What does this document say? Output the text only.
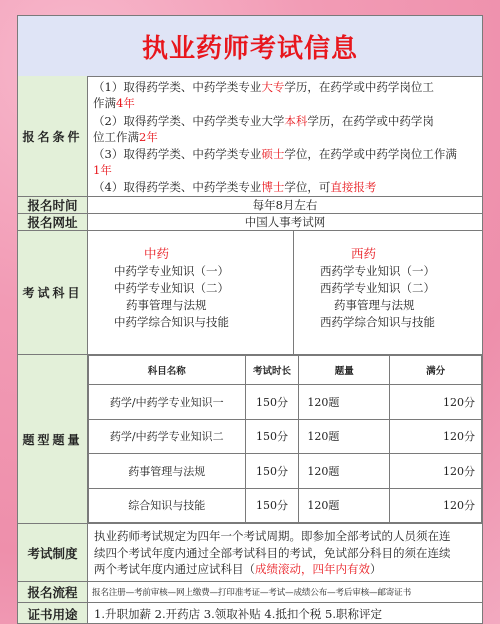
执业药师考试信息
报名条件
（1）取得药学类、中药学类专业大专学历，在药学或中药学岗位工
作满4年
（2）取得药学类、中药学类专业大学本科学历，在药学或中药学岗
位工作满2年
（3）取得药学类、中药学类专业硕士学位，在药学或中药学岗位工作满
1年
（4）取得药学类、中药学类专业博士学位，可直接报考
报名时间	每年8月左右
报名网址	中国人事考试网
考试科目
中药
中药学专业知识（一）
中药学专业知识（二）
药事管理与法规
中药学综合知识与技能
西药
西药学专业知识（一）
西药学专业知识（二）
药事管理与法规
西药学综合知识与技能
题型题量
科目名称	考试时长	题量	满分
药学/中药学专业知识一	150分	120题	120分
药学/中药学专业知识二	150分	120题	120分
药事管理与法规	150分	120题	120分
综合知识与技能	150分	120题	120分
考试制度
执业药师考试规定为四年一个考试周期。即参加全部考试的人员须在连
续四个考试年度内通过全部考试科目的考试，免试部分科目的须在连续
两个考试年度内通过应试科目（成绩滚动，四年内有效）
报名流程	报名注册—考前审核—网上缴费—打印准考证—考试—成绩公布—考后审核—邮寄证书
证书用途	1.升职加薪 2.开药店 3.领取补贴 4.抵扣个税 5.职称评定
